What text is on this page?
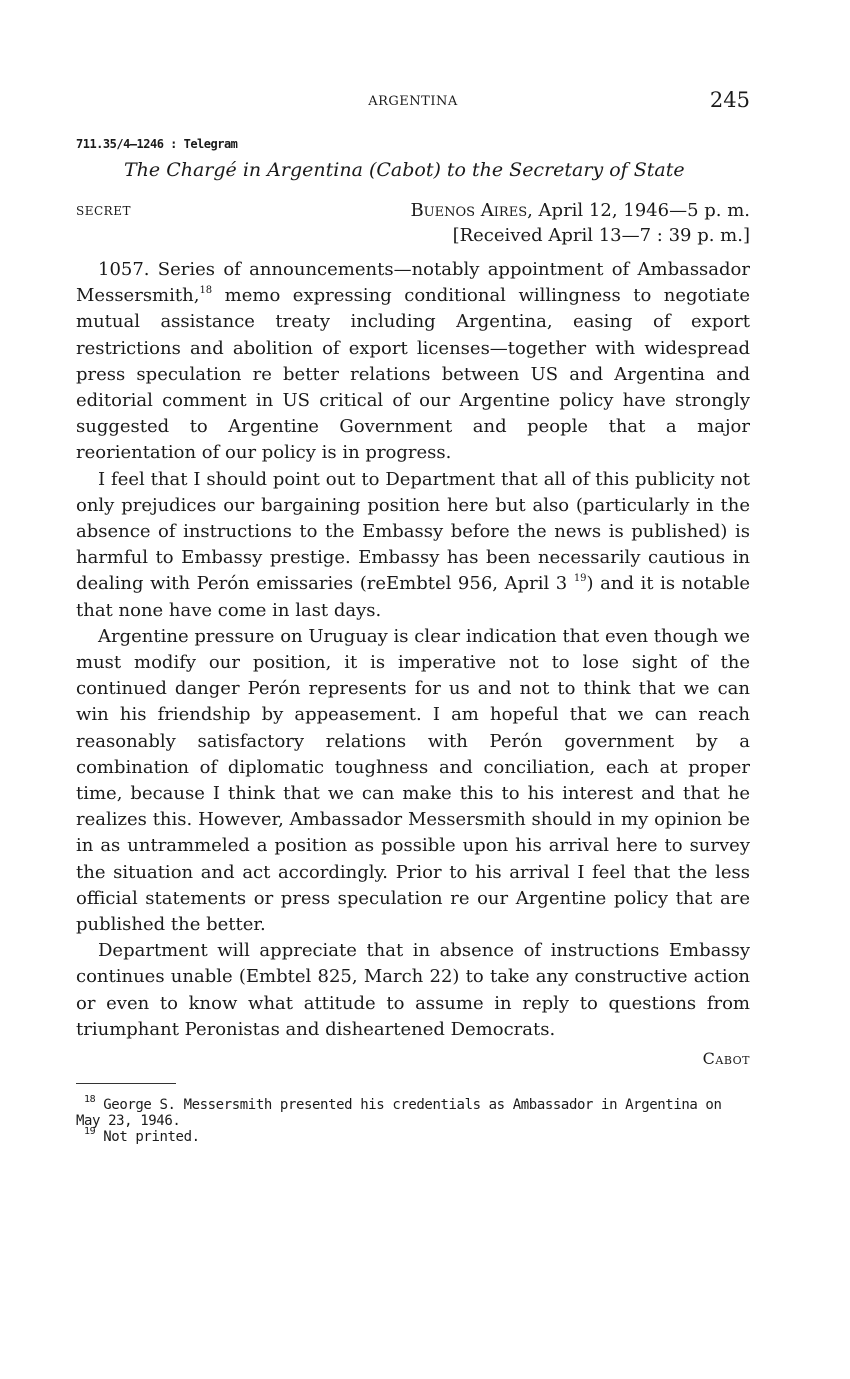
ARGENTINA	245
711.35/4–1246 : Telegram
The Chargé in Argentina (Cabot) to the Secretary of State
SECRET	Buenos Aires, April 12, 1946—5 p. m.
[Received April 13—7 : 39 p. m.]

1057. Series of announcements—notably appointment of Ambassador Messersmith,$^{18}$ memo expressing conditional willingness to negotiate mutual assistance treaty including Argentina, easing of export restrictions and abolition of export licenses—together with widespread press speculation re better relations between US and Argentina and editorial comment in US critical of our Argentine policy have strongly suggested to Argentine Government and people that a major reorientation of our policy is in progress.

I feel that I should point out to Department that all of this publicity not only prejudices our bargaining position here but also (particularly in the absence of instructions to the Embassy before the news is published) is harmful to Embassy prestige. Embassy has been necessarily cautious in dealing with Perón emissaries (reEmbtel 956, April 3 $^{19}$) and it is notable that none have come in last days.

Argentine pressure on Uruguay is clear indication that even though we must modify our position, it is imperative not to lose sight of the continued danger Perón represents for us and not to think that we can win his friendship by appeasement. I am hopeful that we can reach reasonably satisfactory relations with Perón government by a combination of diplomatic toughness and conciliation, each at proper time, because I think that we can make this to his interest and that he realizes this. However, Ambassador Messersmith should in my opinion be in as untrammeled a position as possible upon his arrival here to survey the situation and act accordingly. Prior to his arrival I feel that the less official statements or press speculation re our Argentine policy that are published the better.

Department will appreciate that in absence of instructions Embassy continues unable (Embtel 825, March 22) to take any constructive action or even to know what attitude to assume in reply to questions from triumphant Peronistas and disheartened Democrats.

Cabot

$^{18}$ George S. Messersmith presented his credentials as Ambassador in Argentina on May 23, 1946.

$^{19}$ Not printed.
